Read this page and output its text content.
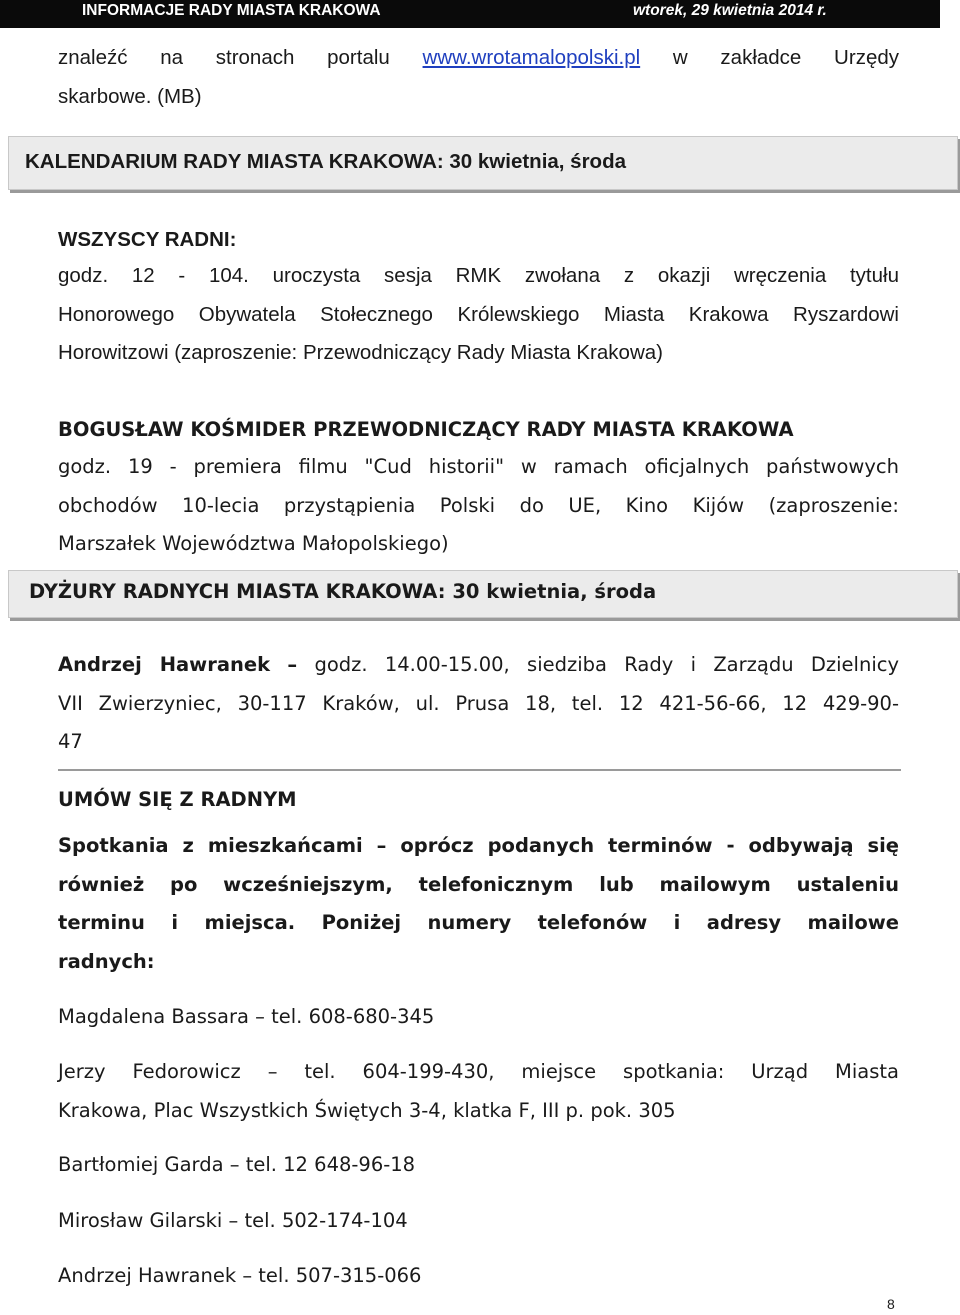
INFORMACJE RADY MIASTA KRAKOWA	wtorek, 29 kwietnia 2014 r.
znaleźć na stronach portalu www.wrotamalopolski.pl w zakładce Urzędy
skarbowe. (MB)
KALENDARIUM RADY MIASTA KRAKOWA: 30 kwietnia, środa
WSZYSCY RADNI:
godz. 12 - 104. uroczysta sesja RMK zwołana z okazji wręczenia tytułu
Honorowego Obywatela Stołecznego Królewskiego Miasta Krakowa Ryszardowi
Horowitzowi (zaproszenie: Przewodniczący Rady Miasta Krakowa)
BOGUSŁAW KOŚMIDER PRZEWODNICZĄCY RADY MIASTA KRAKOWA
godz. 19 - premiera filmu "Cud historii" w ramach oficjalnych państwowych
obchodów 10-lecia przystąpienia Polski do UE, Kino Kijów (zaproszenie:
Marszałek Województwa Małopolskiego)
DYŻURY RADNYCH MIASTA KRAKOWA: 30 kwietnia, środa
Andrzej Hawranek – godz. 14.00-15.00, siedziba Rady i Zarządu Dzielnicy
VII Zwierzyniec, 30-117 Kraków, ul. Prusa 18, tel. 12 421-56-66, 12 429-90-
47
UMÓW SIĘ Z RADNYM
Spotkania z mieszkańcami – oprócz podanych terminów - odbywają się
również po wcześniejszym, telefonicznym lub mailowym ustaleniu
terminu i miejsca. Poniżej numery telefonów i adresy mailowe
radnych:
Magdalena Bassara – tel. 608-680-345
Jerzy Fedorowicz – tel. 604-199-430, miejsce spotkania: Urząd Miasta
Krakowa, Plac Wszystkich Świętych 3-4, klatka F, III p. pok. 305
Bartłomiej Garda – tel. 12 648-96-18
Mirosław Gilarski – tel. 502-174-104
Andrzej Hawranek – tel. 507-315-066
8
